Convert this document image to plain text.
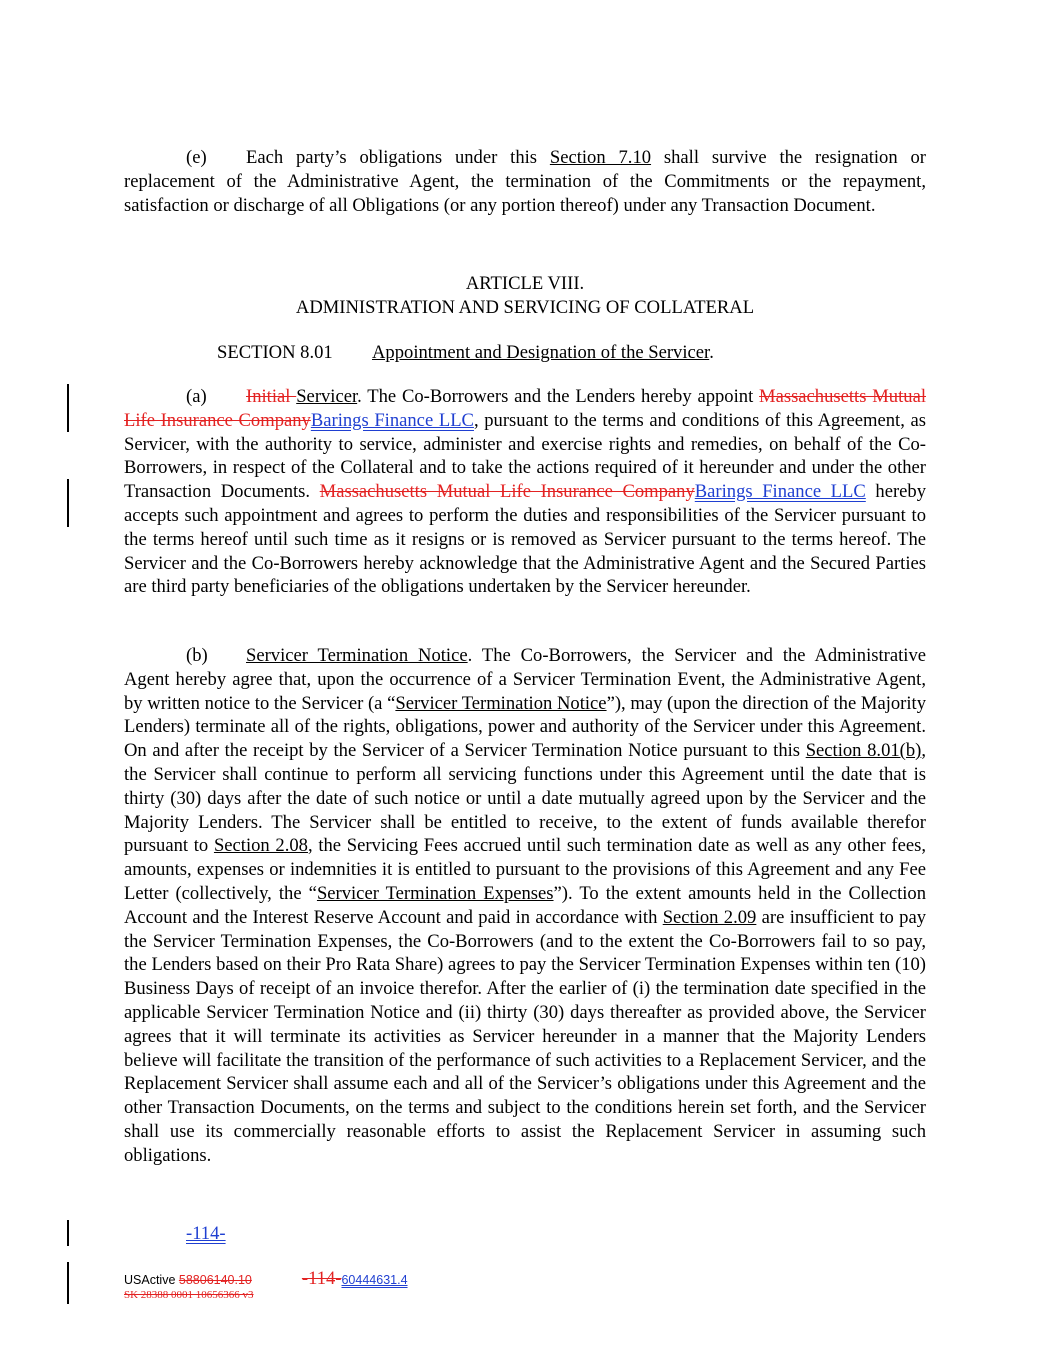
(e) Each party’s obligations under this Section 7.10 shall survive the resignation or replacement of the Administrative Agent, the termination of the Commitments or the repayment, satisfaction or discharge of all Obligations (or any portion thereof) under any Transaction Document.

ARTICLE VIII.
ADMINISTRATION AND SERVICING OF COLLATERAL
SECTION 8.01 Appointment and Designation of the Servicer.

(a) Initial Servicer. The Co-Borrowers and the Lenders hereby appoint Massachusetts Mutual Life Insurance CompanyBarings Finance LLC, pursuant to the terms and conditions of this Agreement, as Servicer, with the authority to service, administer and exercise rights and remedies, on behalf of the Co- Borrowers, in respect of the Collateral and to take the actions required of it hereunder and under the other Transaction Documents. Massachusetts Mutual Life Insurance CompanyBarings Finance LLC hereby accepts such appointment and agrees to perform the duties and responsibilities of the Servicer pursuant to the terms hereof until such time as it resigns or is removed as Servicer pursuant to the terms hereof. The Servicer and the Co-Borrowers hereby acknowledge that the Administrative Agent and the Secured Parties are third party beneficiaries of the obligations undertaken by the Servicer hereunder.

(b) Servicer Termination Notice. The Co-Borrowers, the Servicer and the Administrative Agent hereby agree that, upon the occurrence of a Servicer Termination Event, the Administrative Agent, by written notice to the Servicer (a “Servicer Termination Notice”), may (upon the direction of the Majority Lenders) terminate all of the rights, obligations, power and authority of the Servicer under this Agreement. On and after the receipt by the Servicer of a Servicer Termination Notice pursuant to this Section 8.01(b), the Servicer shall continue to perform all servicing functions under this Agreement until the date that is thirty (30) days after the date of such notice or until a date mutually agreed upon by the Servicer and the Majority Lenders. The Servicer shall be entitled to receive, to the extent of funds available therefor pursuant to Section 2.08, the Servicing Fees accrued until such termination date as well as any other fees, amounts, expenses or indemnities it is entitled to pursuant to the provisions of this Agreement and any Fee Letter (collectively, the “Servicer Termination Expenses”). To the extent amounts held in the Collection Account and the Interest Reserve Account and paid in accordance with Section 2.09 are insufficient to pay the Servicer Termination Expenses, the Co-Borrowers (and to the extent the Co-Borrowers fail to so pay, the Lenders based on their Pro Rata Share) agrees to pay the Servicer Termination Expenses within ten (10) Business Days of receipt of an invoice therefor. After the earlier of (i) the termination date specified in the applicable Servicer Termination Notice and (ii) thirty (30) days thereafter as provided above, the Servicer agrees that it will terminate its activities as Servicer hereunder in a manner that the Majority Lenders believe will facilitate the transition of the performance of such activities to a Replacement Servicer, and the Replacement Servicer shall assume each and all of the Servicer’s obligations under this Agreement and the other Transaction Documents, on the terms and subject to the conditions herein set forth, and the Servicer shall use its commercially reasonable efforts to assist the Replacement Servicer in assuming such obligations.

-114-
USActive 58806140.10	-114-60444631.4
SK 28388 0001 10656366 v3
